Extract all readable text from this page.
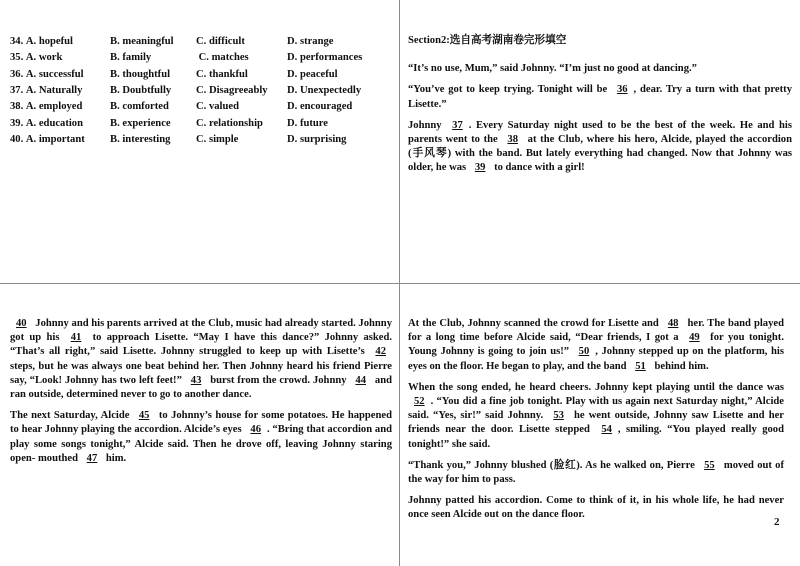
34. A. hopeful	B. meaningful	C. difficult	D. strange
35. A. work	B. family	C. matches	D. performances
36. A. successful	B. thoughtful	C. thankful	D. peaceful
37. A. Naturally	B. Doubtfully	C. Disagreeably	D. Unexpectedly
38. A. employed	B. comforted	C. valued	D. encouraged
39. A. education	B. experience	C. relationship	D. future
40. A. important	B. interesting	C. simple	D. surprising

Section2:选自高考湖南卷完形填空

“It’s no use, Mum,” said Johnny. “I’m just no good at dancing.”

“You’ve got to keep trying. Tonight will be 36 , dear. Try a turn with that pretty Lisette.”

Johnny 37 . Every Saturday night used to be the best of the week. He and his parents went to the 38 at the Club, where his hero, Alcide, played the accordion (手风琴) with the band. But lately everything had changed. Now that Johnny was older, he was 39 to dance with a girl!

40 Johnny and his parents arrived at the Club, music had already started. Johnny got up his 41 to approach Lisette. “May I have this dance?” Johnny asked. “That’s all right,” said Lisette. Johnny struggled to keep up with Lisette’s 42 steps, but he was always one beat behind her. Then Johnny heard his friend Pierre say, “Look! Johnny has two left feet!” 43 burst from the crowd. Johnny 44 and ran outside, determined never to go to another dance.

The next Saturday, Alcide 45 to Johnny’s house for some potatoes. He happened to hear Johnny playing the accordion. Alcide’s eyes 46 . “Bring that accordion and play some songs tonight,” Alcide said. Then he drove off, leaving Johnny staring open- mouthed 47 him.

At the Club, Johnny scanned the crowd for Lisette and 48 her. The band played for a long time before Alcide said, “Dear friends, I got a 49 for you tonight. Young Johnny is going to join us!” 50 , Johnny stepped up on the platform, his eyes on the floor. He began to play, and the band 51 behind him.

When the song ended, he heard cheers. Johnny kept playing until the dance was 52 . “You did a fine job tonight. Play with us again next Saturday night,” Alcide said. “Yes, sir!” said Johnny. 53 he went outside, Johnny saw Lisette and her friends near the door. Lisette stepped 54 , smiling. “You played really good tonight!” she said.

“Thank you,” Johnny blushed (脸红). As he walked on, Pierre 55 moved out of the way for him to pass.

Johnny patted his accordion. Come to think of it, in his whole life, he had never once seen Alcide out on the dance floor.

2
